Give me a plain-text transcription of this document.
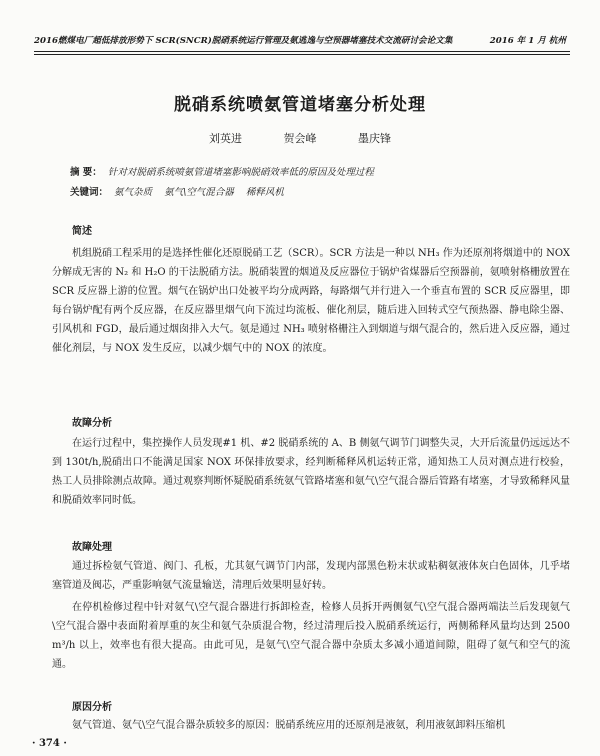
2016燃煤电厂超低排放形势下 SCR(SNCR)脱硝系统运行管理及氨逃逸与空预器堵塞技术交流研讨会论文集	2016 年 1 月 杭州
脱硝系统喷氨管道堵塞分析处理
刘英进	贺会峰	墨庆锋
摘 要： 针对对脱硝系统喷氨管道堵塞影响脱硝效率低的原因及处理过程
关键词： 氨气杂质    氨气\空气混合器    稀释风机
简述
机组脱硝工程采用的是选择性催化还原脱硝工艺（SCR）。SCR 方法是一种以 NH₃ 作为还原剂将烟道中的 NOX 分解成无害的 N₂ 和 H₂O 的干法脱硝方法。脱硝装置的烟道及反应器位于锅炉省煤器后空预器前，氨喷射格栅放置在 SCR 反应器上游的位置。烟气在锅炉出口处被平均分成两路，每路烟气并行进入一个垂直布置的 SCR 反应器里，即每台锅炉配有两个反应器，在反应器里烟气向下流过均流板、催化剂层，随后进入回转式空气预热器、静电除尘器、引风机和 FGD，最后通过烟囱排入大气。氨是通过 NH₃ 喷射格栅注入到烟道与烟气混合的，然后进入反应器，通过催化剂层，与 NOX 发生反应，以减少烟气中的 NOX 的浓度。
故障分析
在运行过程中，集控操作人员发现#1 机、#2 脱硝系统的 A、B 侧氨气调节门调整失灵，大开后流量仍远远达不到 130t/h,脱硝出口不能满足国家 NOX 环保排放要求，经判断稀释风机运转正常，通知热工人员对测点进行校验，热工人员排除测点故障。通过观察判断怀疑脱硝系统氨气管路堵塞和氨气\空气混合器后管路有堵塞，才导致稀释风量和脱硝效率同时低。
故障处理
通过拆检氨气管道、阀门、孔板，尤其氨气调节门内部，发现内部黑色粉末状或粘稠氨液体灰白色固体，几乎堵塞管道及阀芯，严重影响氨气流量输送，清理后效果明显好转。
在停机检修过程中针对氨气\空气混合器进行拆卸检查，检修人员拆开两侧氨气\空气混合器两端法兰后发现氨气\空气混合器中表面附着厚重的灰尘和氨气杂质混合物，经过清理后投入脱硝系统运行，两侧稀释风量均达到 2500 m³/h 以上，效率也有很大提高。由此可见，是氨气\空气混合器中杂质太多减小通道间隙，阻碍了氨气和空气的流通。
原因分析
氨气管道、氨气\空气混合器杂质较多的原因：脱硝系统应用的还原剂是液氨，利用液氨卸料压缩机
· 374 ·
